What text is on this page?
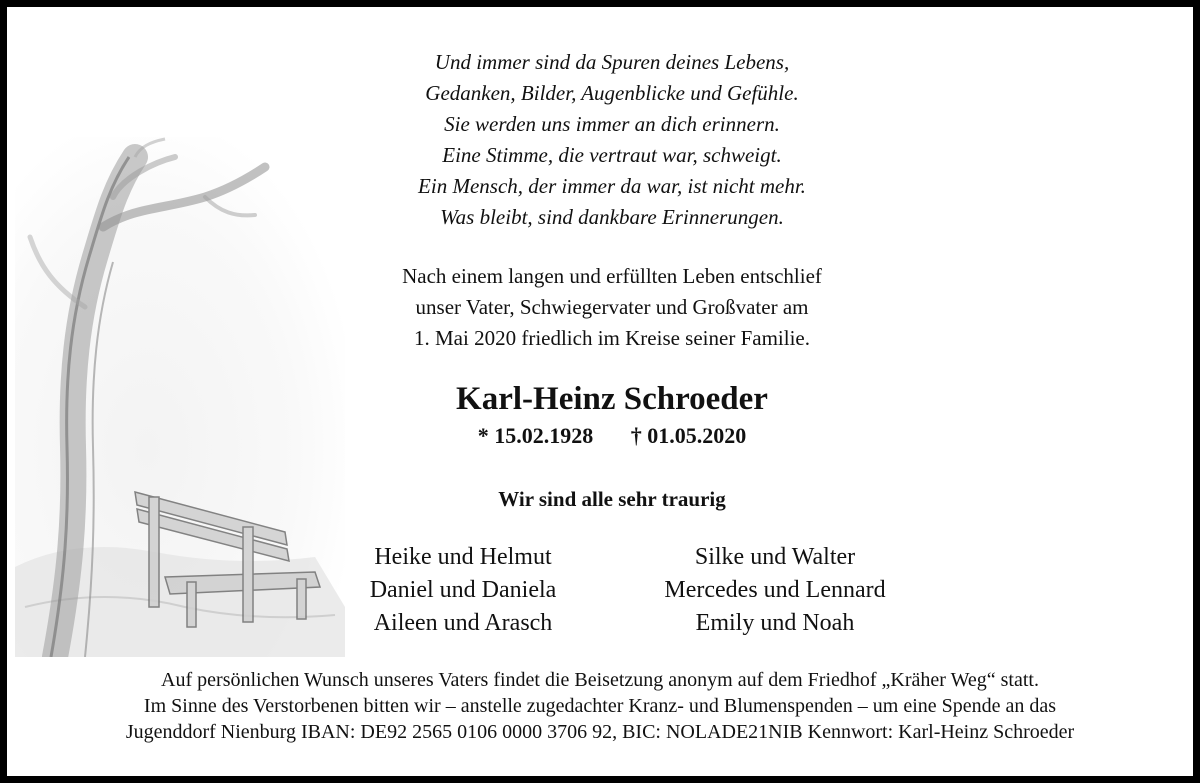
Und immer sind da Spuren deines Lebens,
Gedanken, Bilder, Augenblicke und Gefühle.
Sie werden uns immer an dich erinnern.
Eine Stimme, die vertraut war, schweigt.
Ein Mensch, der immer da war, ist nicht mehr.
Was bleibt, sind dankbare Erinnerungen.
Nach einem langen und erfüllten Leben entschlief
unser Vater, Schwiegervater und Großvater am
1. Mai 2020 friedlich im Kreise seiner Familie.
Karl-Heinz Schroeder
* 15.02.1928 † 01.05.2020
Wir sind alle sehr traurig
Heike und Helmut
Daniel und Daniela
Aileen und Arasch
Silke und Walter
Mercedes und Lennard
Emily und Noah
Auf persönlichen Wunsch unseres Vaters findet die Beisetzung anonym auf dem Friedhof „Kräher Weg“ statt.
Im Sinne des Verstorbenen bitten wir – anstelle zugedachter Kranz- und Blumenspenden – um eine Spende an das
Jugenddorf Nienburg IBAN: DE92 2565 0106 0000 3706 92, BIC: NOLADE21NIB Kennwort: Karl-Heinz Schroeder
